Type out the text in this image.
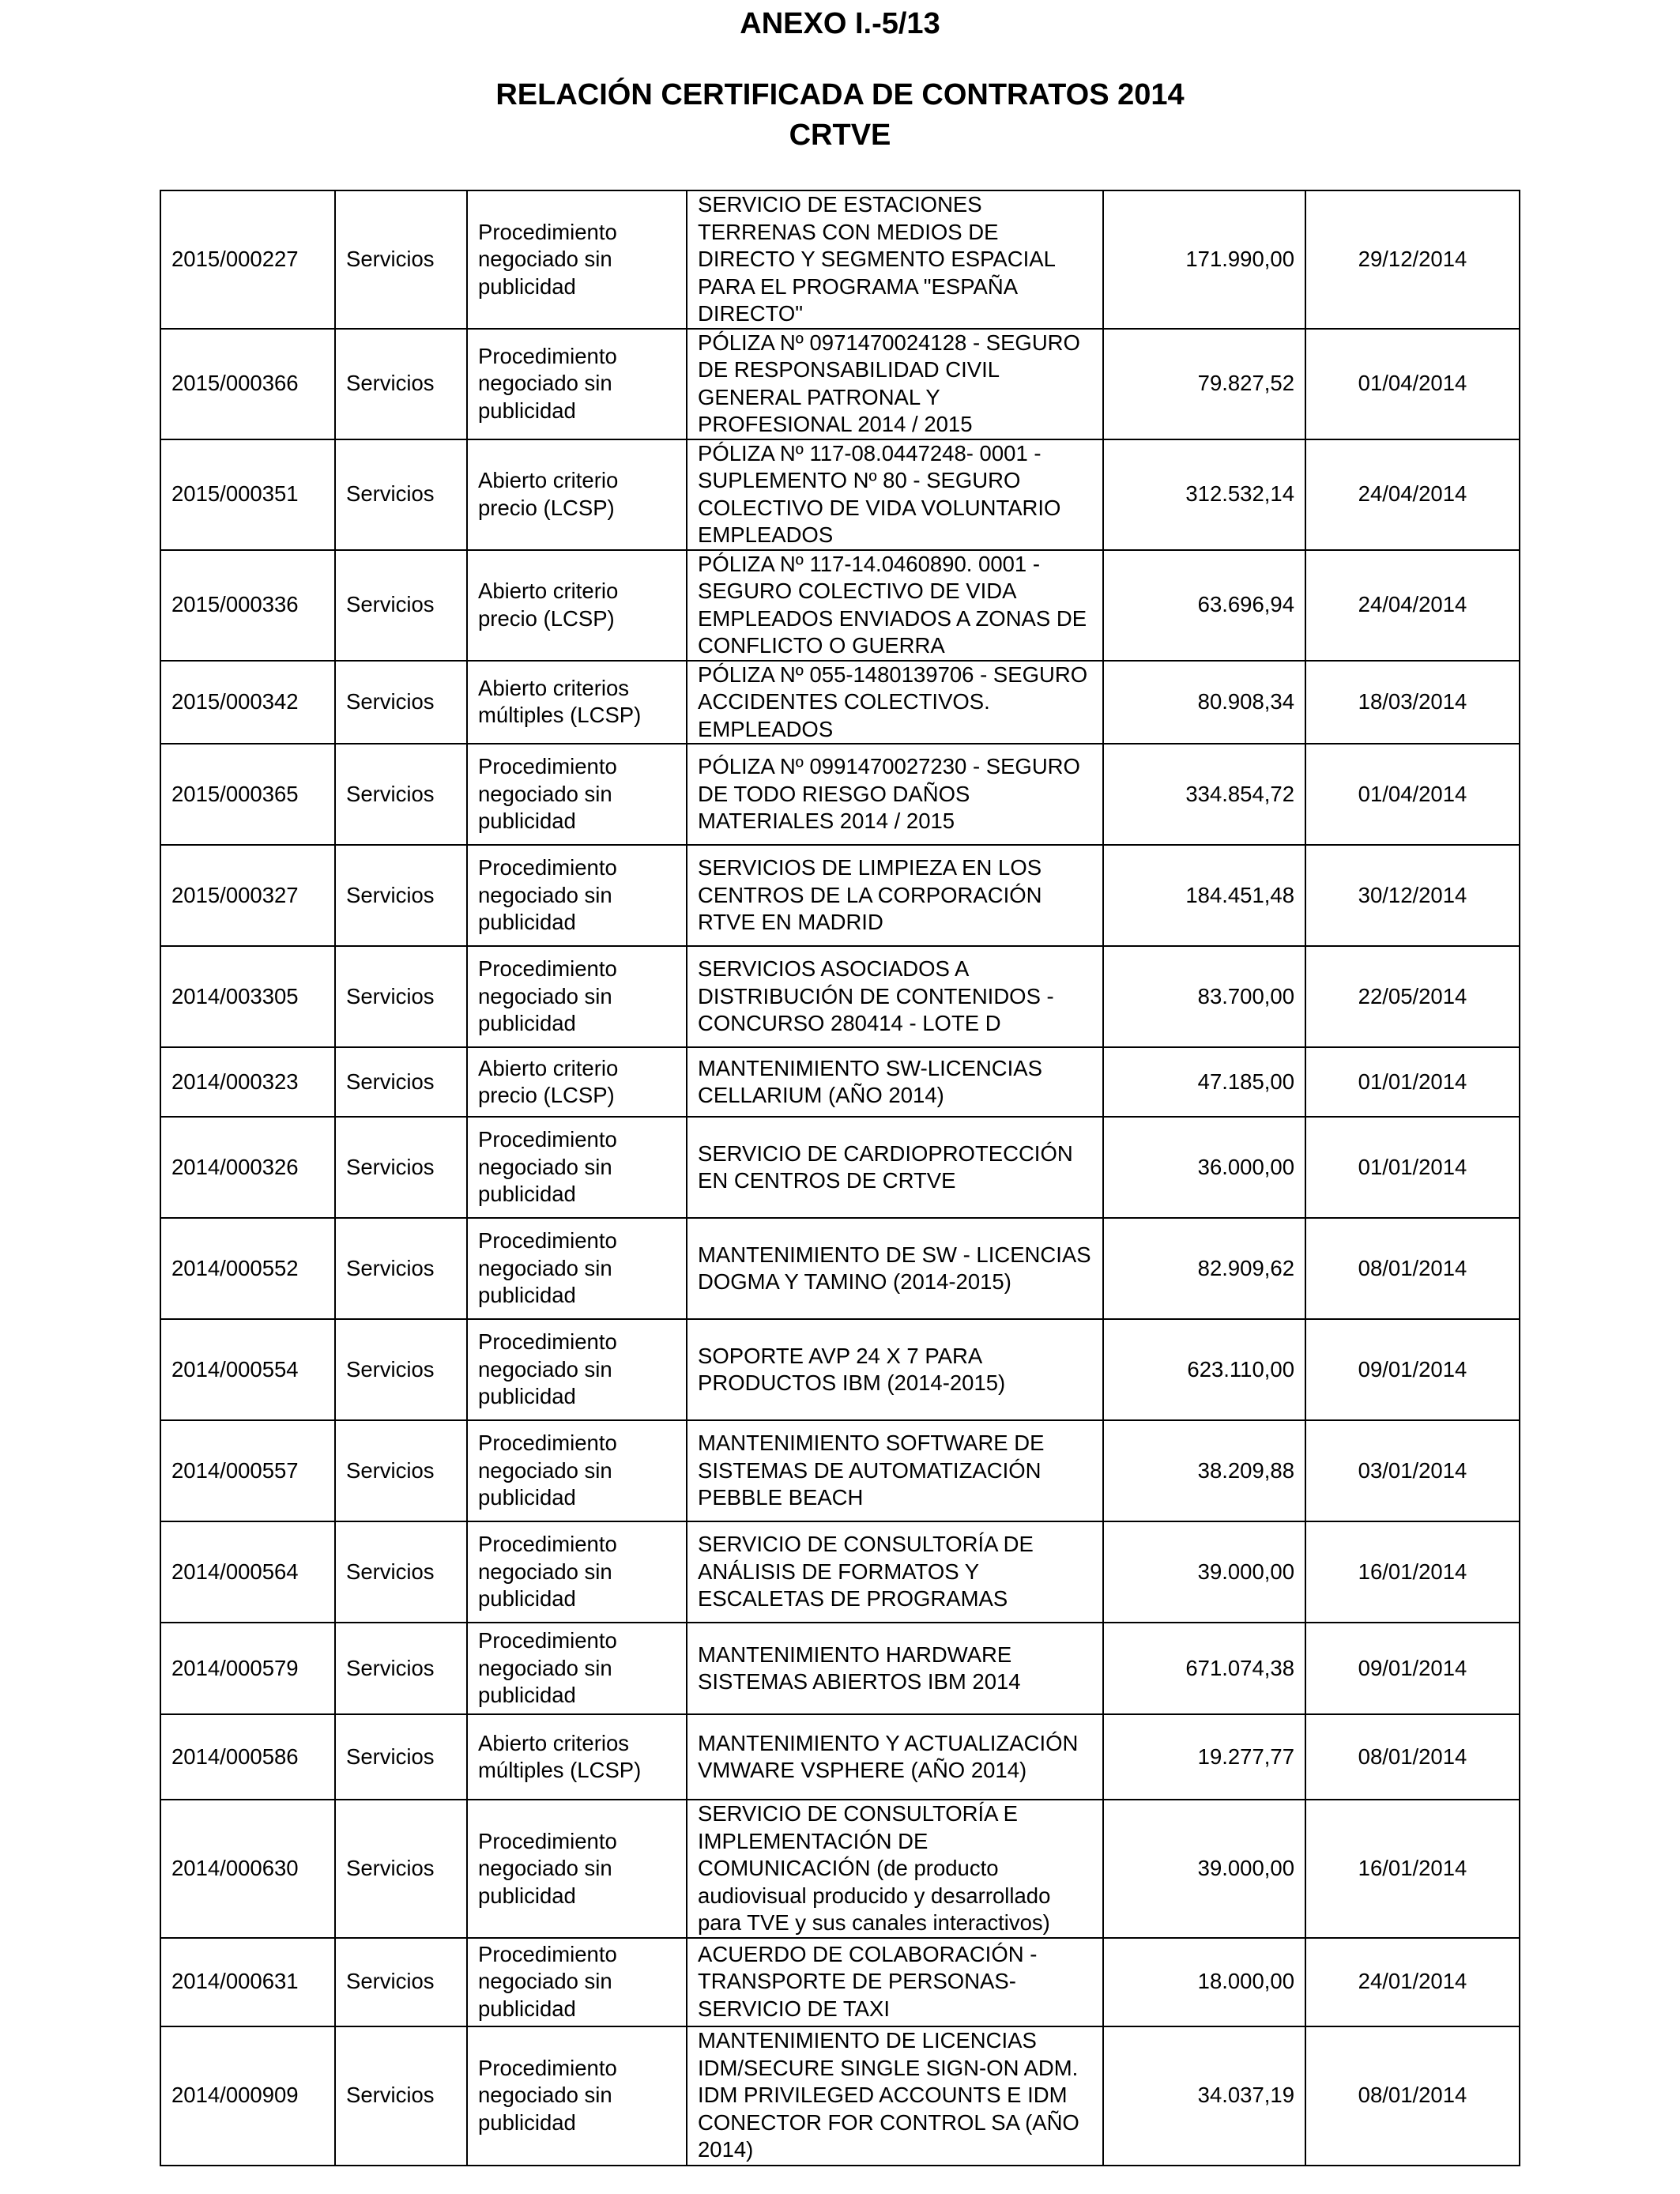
ANEXO I.-5/13
RELACIÓN CERTIFICADA DE CONTRATOS 2014
CRTVE
2015/000227	Servicios	Procedimiento negociado sin publicidad	SERVICIO DE ESTACIONES TERRENAS CON MEDIOS DE DIRECTO Y SEGMENTO ESPACIAL PARA EL PROGRAMA "ESPAÑA DIRECTO"	171.990,00	29/12/2014
2015/000366	Servicios	Procedimiento negociado sin publicidad	PÓLIZA Nº 0971470024128 - SEGURO DE RESPONSABILIDAD CIVIL GENERAL PATRONAL Y PROFESIONAL 2014 / 2015	79.827,52	01/04/2014
2015/000351	Servicios	Abierto criterio precio (LCSP)	PÓLIZA Nº 117-08.0447248- 0001 - SUPLEMENTO Nº 80 - SEGURO COLECTIVO DE VIDA VOLUNTARIO EMPLEADOS	312.532,14	24/04/2014
2015/000336	Servicios	Abierto criterio precio (LCSP)	PÓLIZA Nº 117-14.0460890. 0001 - SEGURO COLECTIVO DE VIDA EMPLEADOS ENVIADOS A ZONAS DE CONFLICTO O GUERRA	63.696,94	24/04/2014
2015/000342	Servicios	Abierto criterios múltiples (LCSP)	PÓLIZA Nº 055-1480139706 - SEGURO ACCIDENTES COLECTIVOS. EMPLEADOS	80.908,34	18/03/2014
2015/000365	Servicios	Procedimiento negociado sin publicidad	PÓLIZA Nº 0991470027230 - SEGURO DE TODO RIESGO DAÑOS MATERIALES 2014 / 2015	334.854,72	01/04/2014
2015/000327	Servicios	Procedimiento negociado sin publicidad	SERVICIOS DE LIMPIEZA EN LOS CENTROS DE LA CORPORACIÓN RTVE EN MADRID	184.451,48	30/12/2014
2014/003305	Servicios	Procedimiento negociado sin publicidad	SERVICIOS ASOCIADOS A DISTRIBUCIÓN DE CONTENIDOS - CONCURSO 280414 - LOTE D	83.700,00	22/05/2014
2014/000323	Servicios	Abierto criterio precio (LCSP)	MANTENIMIENTO SW-LICENCIAS CELLARIUM (AÑO 2014)	47.185,00	01/01/2014
2014/000326	Servicios	Procedimiento negociado sin publicidad	SERVICIO DE CARDIOPROTECCIÓN EN CENTROS DE CRTVE	36.000,00	01/01/2014
2014/000552	Servicios	Procedimiento negociado sin publicidad	MANTENIMIENTO DE SW - LICENCIAS DOGMA Y TAMINO (2014-2015)	82.909,62	08/01/2014
2014/000554	Servicios	Procedimiento negociado sin publicidad	SOPORTE AVP 24 X 7 PARA PRODUCTOS IBM (2014-2015)	623.110,00	09/01/2014
2014/000557	Servicios	Procedimiento negociado sin publicidad	MANTENIMIENTO SOFTWARE DE SISTEMAS DE AUTOMATIZACIÓN PEBBLE BEACH	38.209,88	03/01/2014
2014/000564	Servicios	Procedimiento negociado sin publicidad	SERVICIO DE CONSULTORÍA DE ANÁLISIS DE FORMATOS Y ESCALETAS DE PROGRAMAS	39.000,00	16/01/2014
2014/000579	Servicios	Procedimiento negociado sin publicidad	MANTENIMIENTO HARDWARE SISTEMAS ABIERTOS IBM 2014	671.074,38	09/01/2014
2014/000586	Servicios	Abierto criterios múltiples (LCSP)	MANTENIMIENTO Y ACTUALIZACIÓN VMWARE VSPHERE (AÑO 2014)	19.277,77	08/01/2014
2014/000630	Servicios	Procedimiento negociado sin publicidad	SERVICIO DE CONSULTORÍA E IMPLEMENTACIÓN DE COMUNICACIÓN (de producto audiovisual producido y desarrollado para TVE y sus canales interactivos)	39.000,00	16/01/2014
2014/000631	Servicios	Procedimiento negociado sin publicidad	ACUERDO DE COLABORACIÓN - TRANSPORTE DE PERSONAS- SERVICIO DE TAXI	18.000,00	24/01/2014
2014/000909	Servicios	Procedimiento negociado sin publicidad	MANTENIMIENTO DE LICENCIAS IDM/SECURE SINGLE SIGN-ON ADM. IDM PRIVILEGED ACCOUNTS E IDM CONECTOR FOR CONTROL SA (AÑO 2014)	34.037,19	08/01/2014
